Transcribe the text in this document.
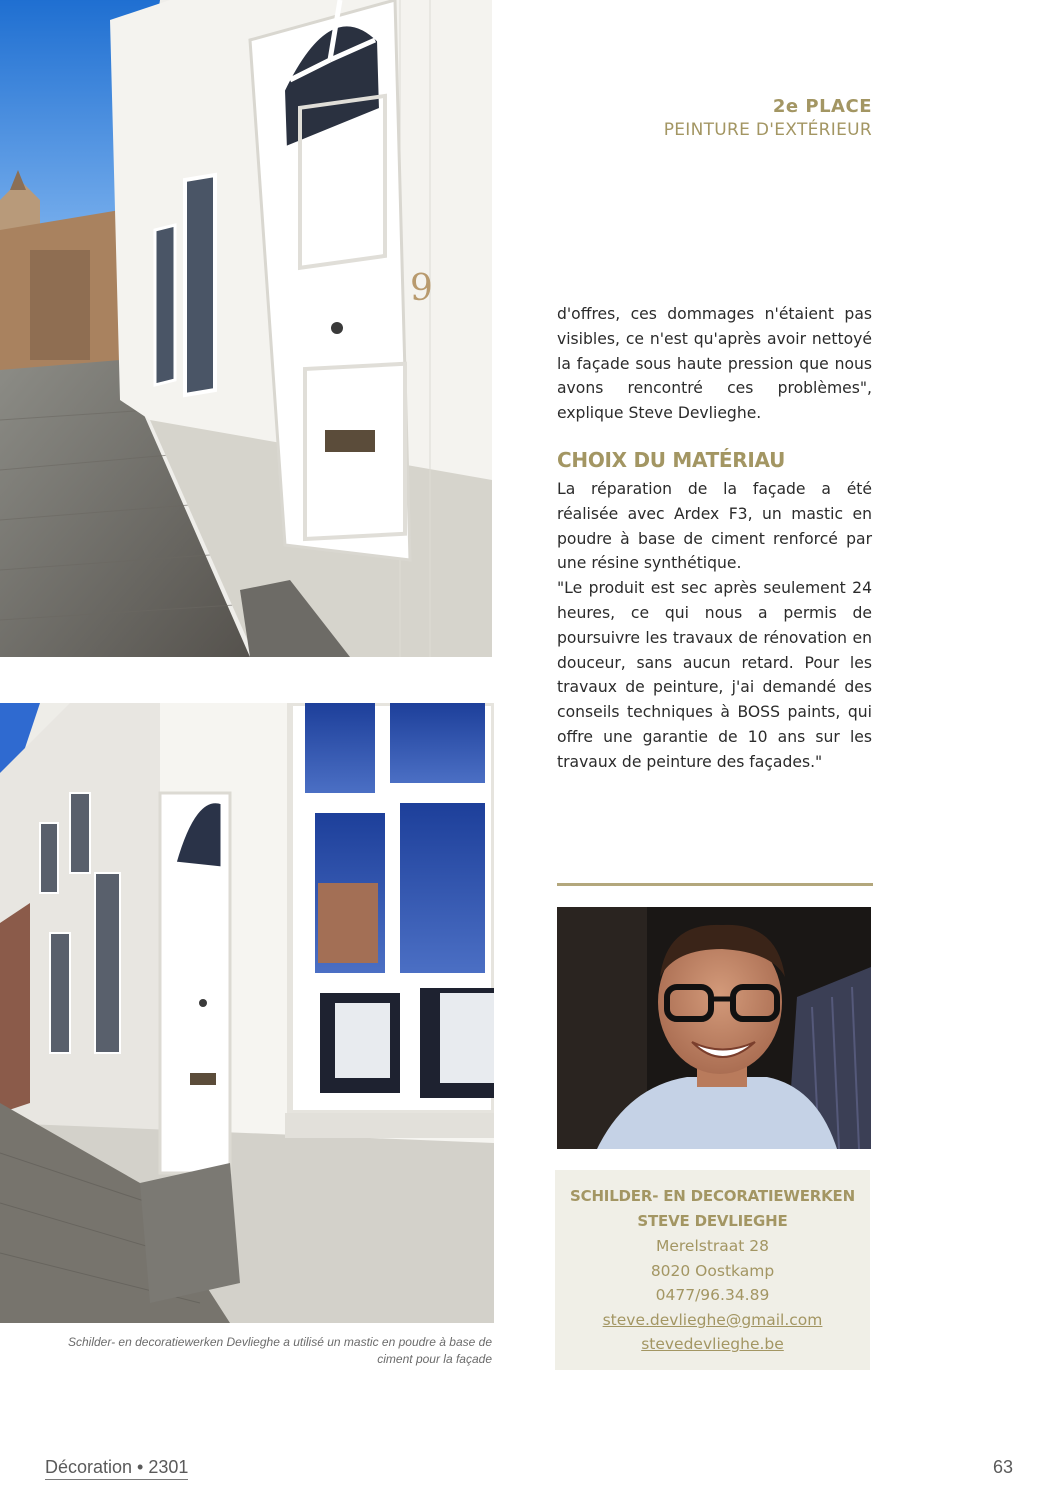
9
Schilder- en decoratiewerken Devlieghe a utilisé un mastic en poudre à base de ciment pour la façade
2e PLACE
PEINTURE D'EXTÉRIEUR

d'offres, ces dommages n'étaient pas visibles, ce n'est qu'après avoir nettoyé la façade sous haute pression que nous avons rencontré ces problèmes", explique Steve Devlieghe.

CHOIX DU MATÉRIAU

La réparation de la façade a été réalisée avec Ardex F3, un mastic en poudre à base de ciment renforcé par une résine synthétique.

"Le produit est sec après seulement 24 heures, ce qui nous a permis de poursuivre les travaux de rénovation en douceur, sans aucun retard. Pour les travaux de peinture, j'ai demandé des conseils techniques à BOSS paints, qui offre une garantie de 10 ans sur les travaux de peinture des façades."

SCHILDER- EN DECORATIEWERKEN
STEVE DEVLIEGHE
Merelstraat 28
8020 Oostkamp
0477/96.34.89
steve.devlieghe@gmail.com
stevedevlieghe.be
Décoration • 2301	63
